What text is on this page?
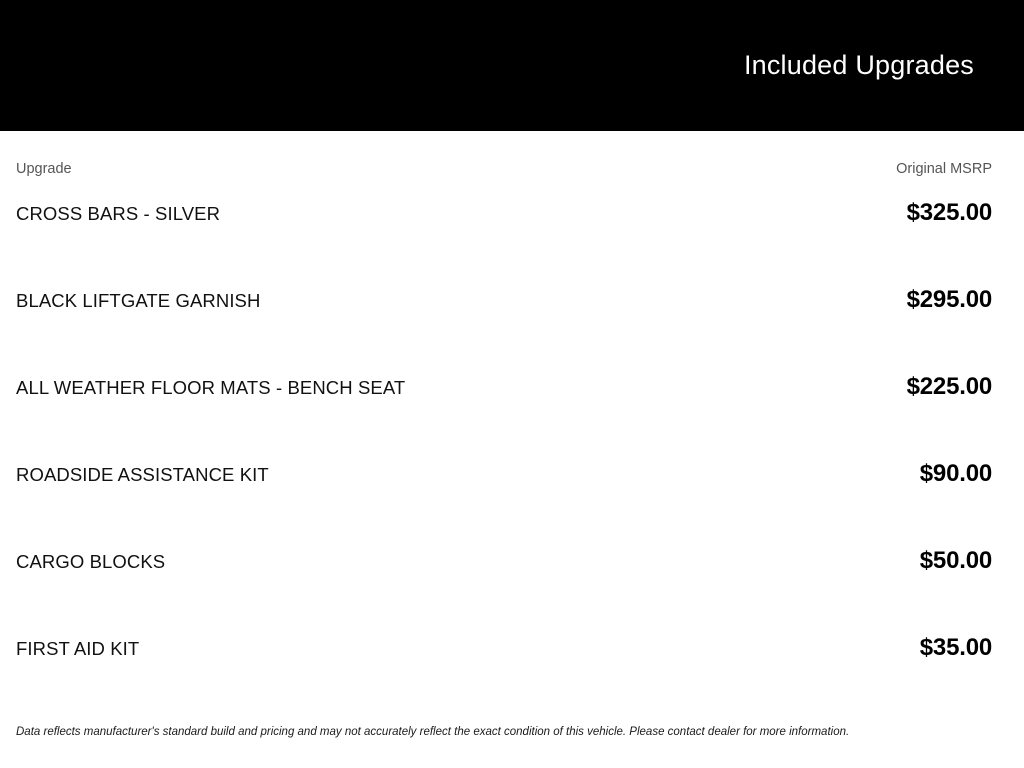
Included Upgrades
Upgrade	Original MSRP
CROSS BARS - SILVER	$325.00
BLACK LIFTGATE GARNISH	$295.00
ALL WEATHER FLOOR MATS - BENCH SEAT	$225.00
ROADSIDE ASSISTANCE KIT	$90.00
CARGO BLOCKS	$50.00
FIRST AID KIT	$35.00
Data reflects manufacturer's standard build and pricing and may not accurately reflect the exact condition of this vehicle. Please contact dealer for more information.
